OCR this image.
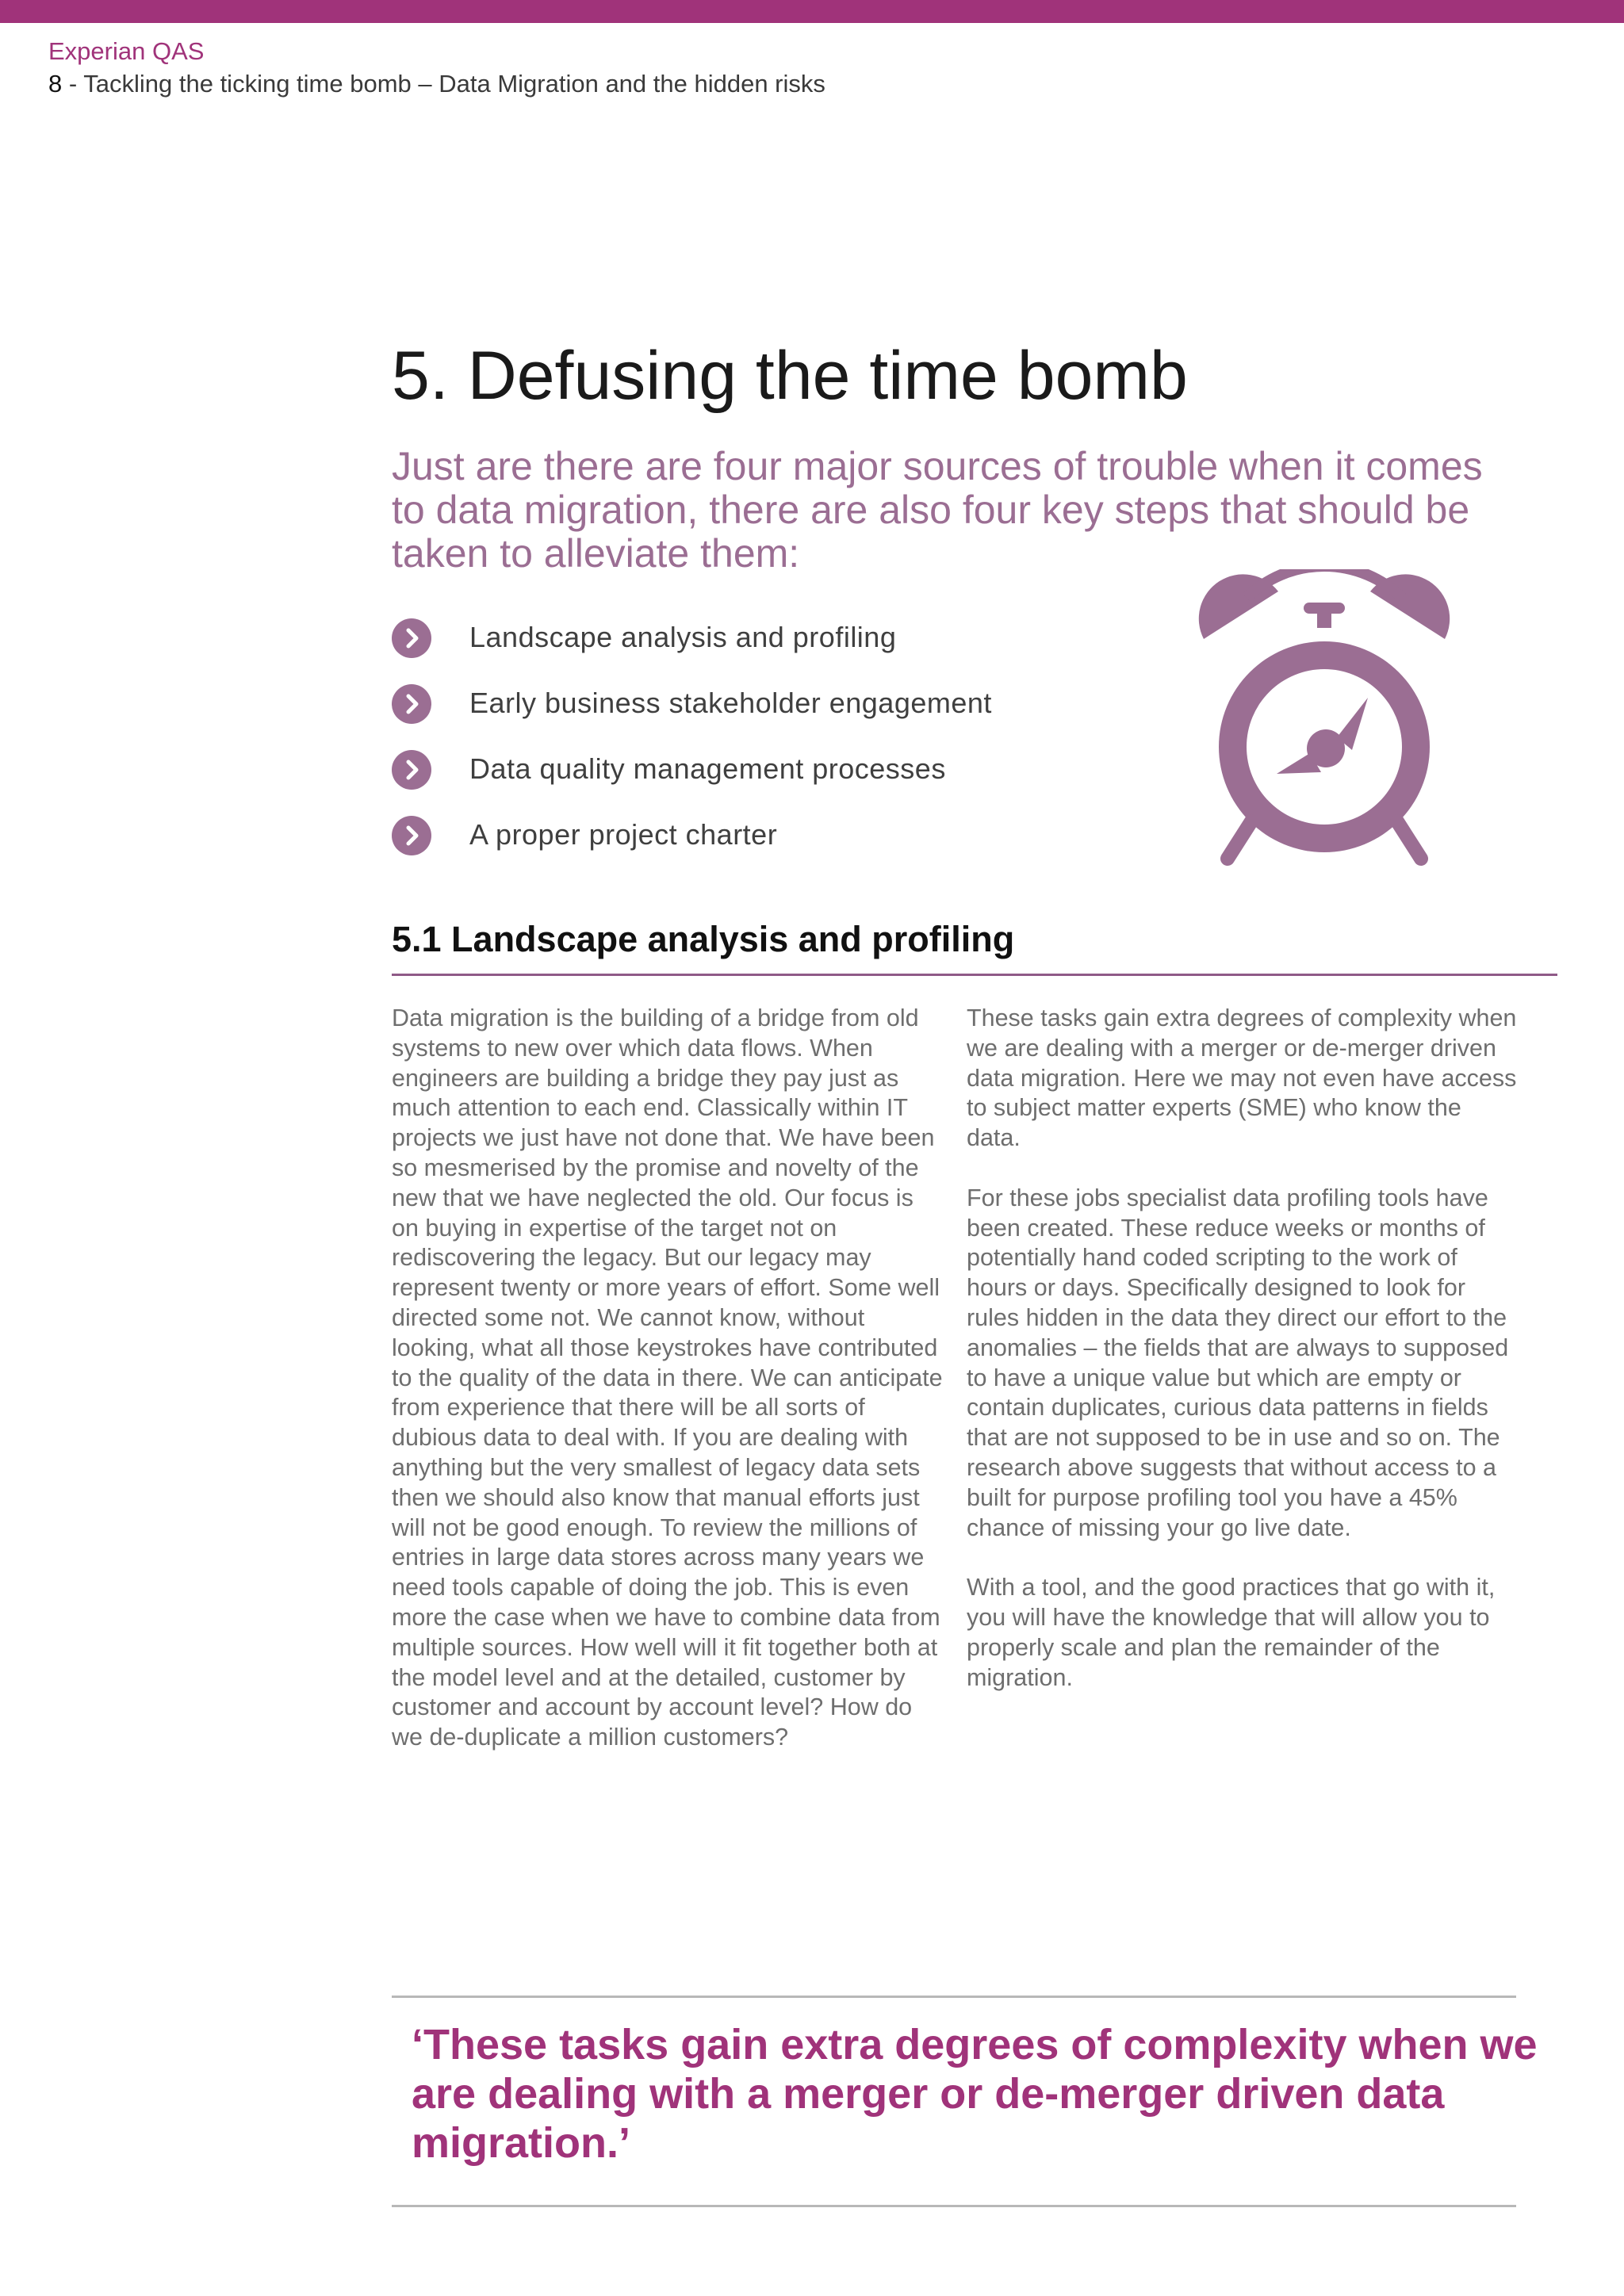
Experian QAS
8 - Tackling the ticking time bomb – Data Migration and the hidden risks
5. Defusing the time bomb

Just are there are four major sources of trouble when it comes to data migration, there are also four key steps that should be taken to alleviate them:

Landscape analysis and profiling
Early business stakeholder engagement
Data quality management processes
A proper project charter
5.1 Landscape analysis and profiling

Data migration is the building of a bridge from old systems to new over which data flows. When engineers are building a bridge they pay just as much attention to each end. Classically within IT projects we just have not done that. We have been so mesmerised by the promise and novelty of the new that we have neglected the old. Our focus is on buying in expertise of the target not on rediscovering the legacy. But our legacy may represent twenty or more years of effort. Some well directed some not. We cannot know, without looking, what all those keystrokes have contributed to the quality of the data in there. We can anticipate from experience that there will be all sorts of dubious data to deal with. If you are dealing with anything but the very smallest of legacy data sets then we should also know that manual efforts just will not be good enough. To review the millions of entries in large data stores across many years we need tools capable of doing the job. This is even more the case when we have to combine data from multiple sources. How well will it fit together both at the model level and at the detailed, customer by customer and account by account level? How do we de-duplicate a million customers?

These tasks gain extra degrees of complexity when we are dealing with a merger or de-merger driven data migration. Here we may not even have access to subject matter experts (SME) who know the data.

For these jobs specialist data profiling tools have been created. These reduce weeks or months of potentially hand coded scripting to the work of hours or days. Specifically designed to look for rules hidden in the data they direct our effort to the anomalies – the fields that are always to supposed to have a unique value but which are empty or contain duplicates, curious data patterns in fields that are not supposed to be in use and so on. The research above suggests that without access to a built for purpose profiling tool you have a 45% chance of missing your go live date.

With a tool, and the good practices that go with it, you will have the knowledge that will allow you to properly scale and plan the remainder of the migration.

‘These tasks gain extra degrees of complexity when we are dealing with a merger or de-merger driven data migration.’
